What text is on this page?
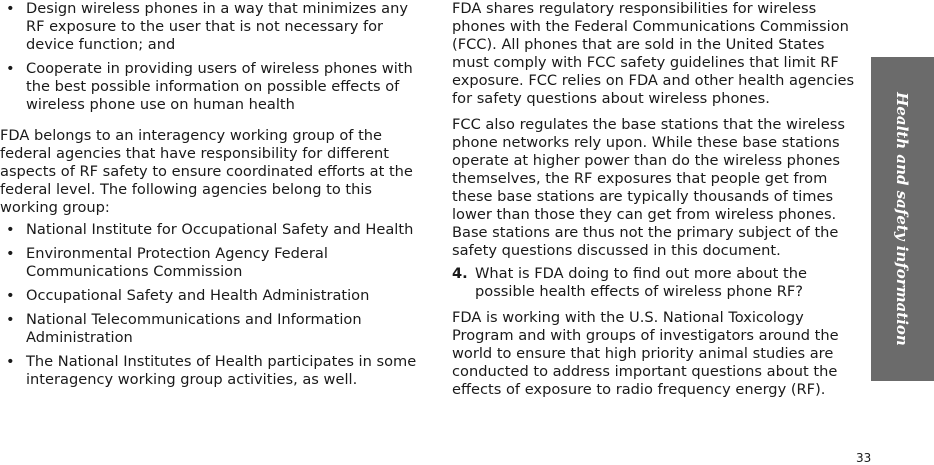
• Design wireless phones in a way that minimizes any RF exposure to the user that is not necessary for device function; and
• Cooperate in providing users of wireless phones with the best possible information on possible effects of wireless phone use on human health

FDA belongs to an interagency working group of the federal agencies that have responsibility for different aspects of RF safety to ensure coordinated efforts at the federal level. The following agencies belong to this working group:

• National Institute for Occupational Safety and Health
• Environmental Protection Agency Federal Communications Commission
• Occupational Safety and Health Administration
• National Telecommunications and Information Administration
• The National Institutes of Health participates in some interagency working group activities, as well.

FDA shares regulatory responsibilities for wireless phones with the Federal Communications Commission (FCC). All phones that are sold in the United States must comply with FCC safety guidelines that limit RF exposure. FCC relies on FDA and other health agencies for safety questions about wireless phones.

FCC also regulates the base stations that the wireless phone networks rely upon. While these base stations operate at higher power than do the wireless phones themselves, the RF exposures that people get from these base stations are typically thousands of times lower than those they can get from wireless phones. Base stations are thus not the primary subject of the safety questions discussed in this document.

4. What is FDA doing to find out more about the possible health effects of wireless phone RF?

FDA is working with the U.S. National Toxicology Program and with groups of investigators around the world to ensure that high priority animal studies are conducted to address important questions about the effects of exposure to radio frequency energy (RF).

Health and safety information
33
